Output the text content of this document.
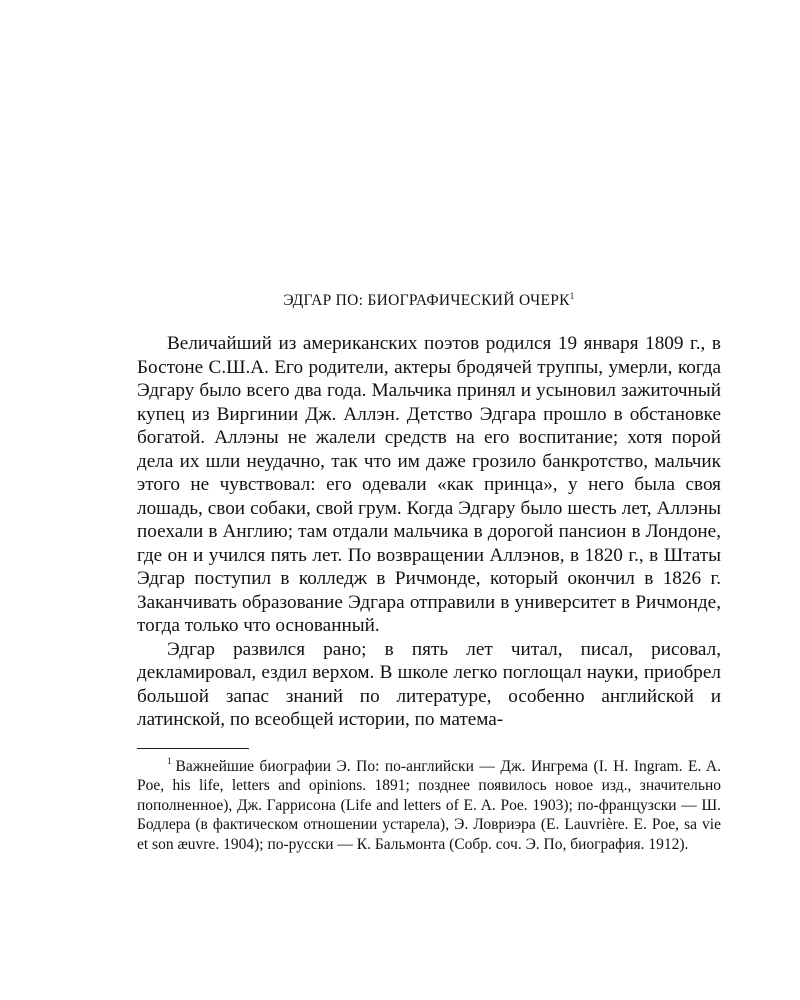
ЭДГАР ПО: БИОГРАФИЧЕСКИЙ ОЧЕРК$^1$

Величайший из американских поэтов родился 19 января 1809 г., в Бостоне С.Ш.А. Его родители, актеры бродячей труппы, умерли, когда Эдгару было всего два года. Мальчика принял и усыновил зажиточный купец из Виргинии Дж. Аллэн. Детство Эдгара прошло в обстановке богатой. Аллэны не жалели средств на его воспитание; хотя порой дела их шли неудачно, так что им даже грозило банкротство, мальчик этого не чувствовал: его одевали «как принца», у него была своя лошадь, свои собаки, свой грум. Когда Эдгару было шесть лет, Аллэны поехали в Англию; там отдали мальчика в дорогой пансион в Лондоне, где он и учился пять лет. По возвращении Аллэнов, в 1820 г., в Штаты Эдгар поступил в колледж в Ричмонде, который окончил в 1826 г. Заканчивать образование Эдгара отправили в университет в Ричмонде, тогда только что основанный.

Эдгар развился рано; в пять лет читал, писал, рисовал, декламировал, ездил верхом. В школе легко поглощал науки, приобрел большой запас знаний по литературе, особенно английской и латинской, по всеобщей истории, по матема-

$^1$ Важнейшие биографии Э. По: по-английски — Дж. Ингрема (I. H. Ingram. E. A. Poe, his life, letters and opinions. 1891; позднее появилось новое изд., значительно пополненное), Дж. Гаррисона (Life and letters of E. A. Poe. 1903); по-французски — Ш. Бодлера (в фактическом отношении устарела), Э. Ловриэра (E. Lauvrière. E. Poe, sa vie et son æuvre. 1904); по-русски — К. Бальмонта (Собр. соч. Э. По, биография. 1912).
